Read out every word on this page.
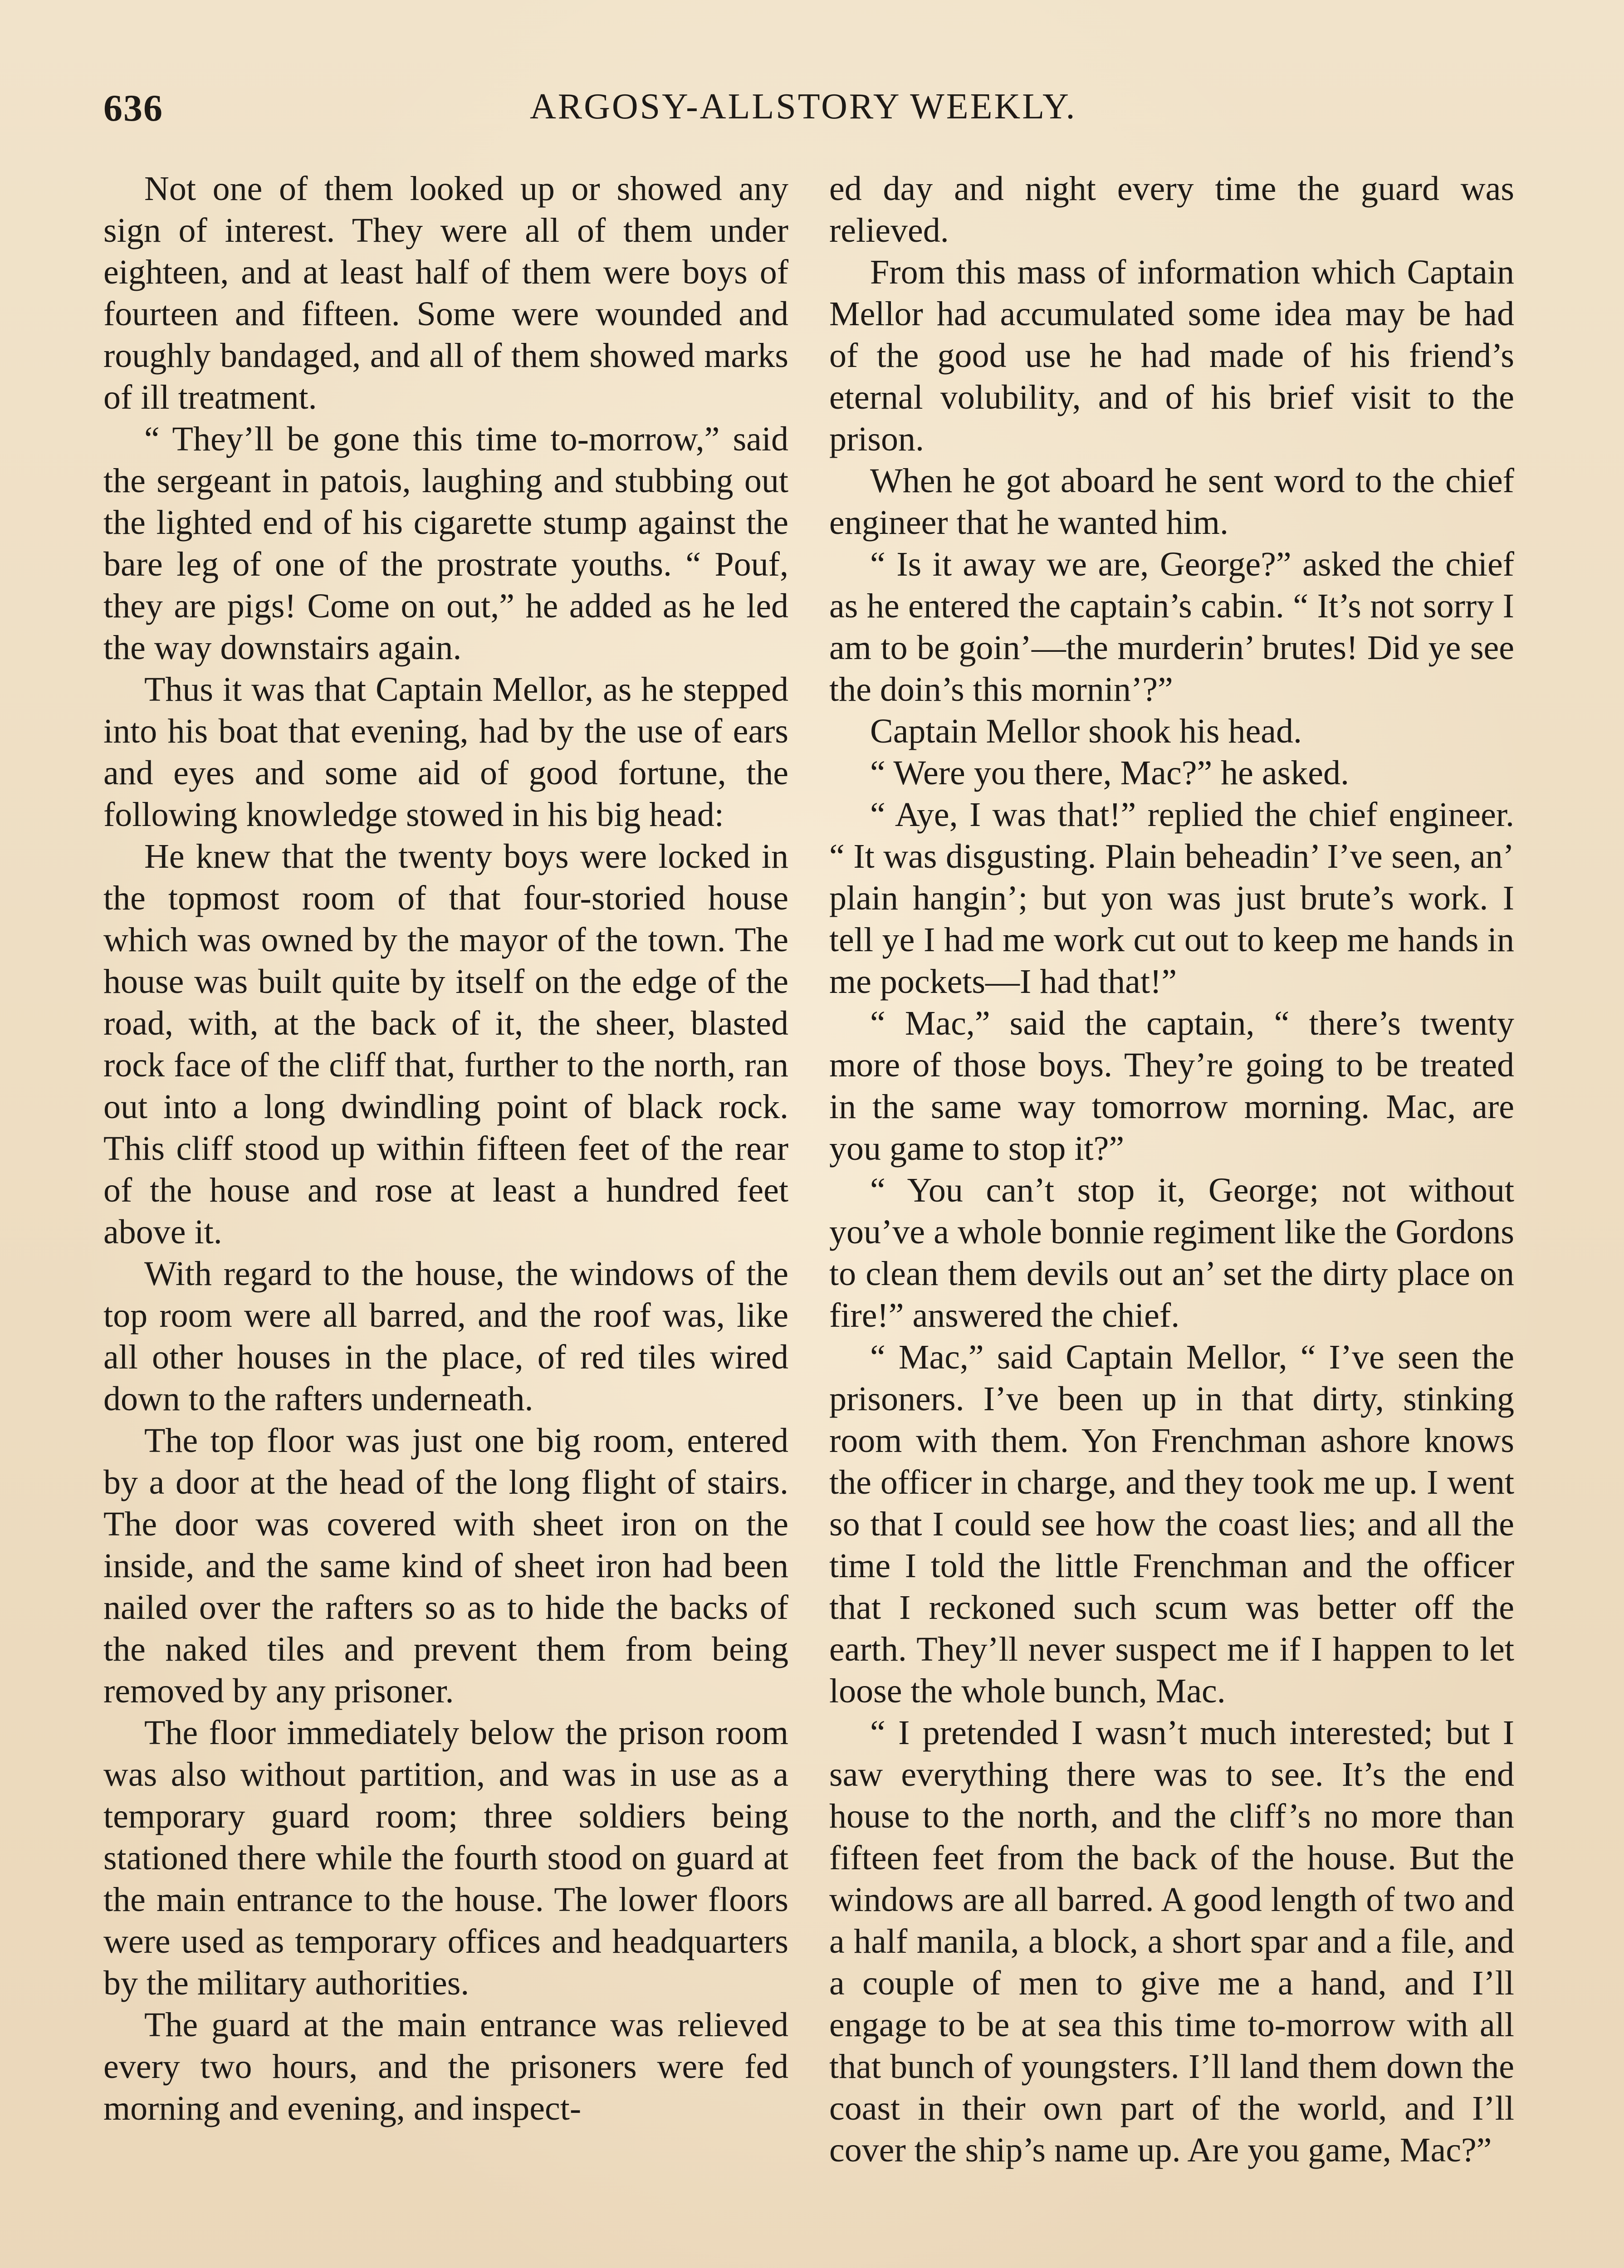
636	ARGOSY-ALLSTORY WEEKLY.

Not one of them looked up or showed any sign of interest. They were all of them under eighteen, and at least half of them were boys of fourteen and fifteen. Some were wounded and roughly bandaged, and all of them showed marks of ill treatment.

“ They’ll be gone this time to-morrow,” said the sergeant in patois, laughing and stubbing out the lighted end of his cigarette stump against the bare leg of one of the prostrate youths. “ Pouf, they are pigs! Come on out,” he added as he led the way downstairs again.

Thus it was that Captain Mellor, as he stepped into his boat that evening, had by the use of ears and eyes and some aid of good fortune, the following knowledge stowed in his big head:

He knew that the twenty boys were locked in the topmost room of that four-storied house which was owned by the mayor of the town. The house was built quite by itself on the edge of the road, with, at the back of it, the sheer, blasted rock face of the cliff that, further to the north, ran out into a long dwindling point of black rock. This cliff stood up within fifteen feet of the rear of the house and rose at least a hundred feet above it.

With regard to the house, the windows of the top room were all barred, and the roof was, like all other houses in the place, of red tiles wired down to the rafters underneath.

The top floor was just one big room, entered by a door at the head of the long flight of stairs. The door was covered with sheet iron on the inside, and the same kind of sheet iron had been nailed over the rafters so as to hide the backs of the naked tiles and prevent them from being removed by any prisoner.

The floor immediately below the prison room was also without partition, and was in use as a temporary guard room; three soldiers being stationed there while the fourth stood on guard at the main entrance to the house. The lower floors were used as temporary offices and headquarters by the military authorities.

The guard at the main entrance was relieved every two hours, and the prisoners were fed morning and evening, and inspect-

ed day and night every time the guard was relieved.

From this mass of information which Captain Mellor had accumulated some idea may be had of the good use he had made of his friend’s eternal volubility, and of his brief visit to the prison.

When he got aboard he sent word to the chief engineer that he wanted him.

“ Is it away we are, George?” asked the chief as he entered the captain’s cabin. “ It’s not sorry I am to be goin’—the murderin’ brutes! Did ye see the doin’s this mornin’?”

Captain Mellor shook his head.

“ Were you there, Mac?” he asked.

“ Aye, I was that!” replied the chief engineer. “ It was disgusting. Plain beheadin’ I’ve seen, an’ plain hangin’; but yon was just brute’s work. I tell ye I had me work cut out to keep me hands in me pockets—I had that!”

“ Mac,” said the captain, “ there’s twenty more of those boys. They’re going to be treated in the same way tomorrow morning. Mac, are you game to stop it?”

“ You can’t stop it, George; not without you’ve a whole bonnie regiment like the Gordons to clean them devils out an’ set the dirty place on fire!” answered the chief.

“ Mac,” said Captain Mellor, “ I’ve seen the prisoners. I’ve been up in that dirty, stinking room with them. Yon Frenchman ashore knows the officer in charge, and they took me up. I went so that I could see how the coast lies; and all the time I told the little Frenchman and the officer that I reckoned such scum was better off the earth. They’ll never suspect me if I happen to let loose the whole bunch, Mac.

“ I pretended I wasn’t much interested; but I saw everything there was to see. It’s the end house to the north, and the cliff’s no more than fifteen feet from the back of the house. But the windows are all barred. A good length of two and a half manila, a block, a short spar and a file, and a couple of men to give me a hand, and I’ll engage to be at sea this time to-morrow with all that bunch of youngsters. I’ll land them down the coast in their own part of the world, and I’ll cover the ship’s name up. Are you game, Mac?”
